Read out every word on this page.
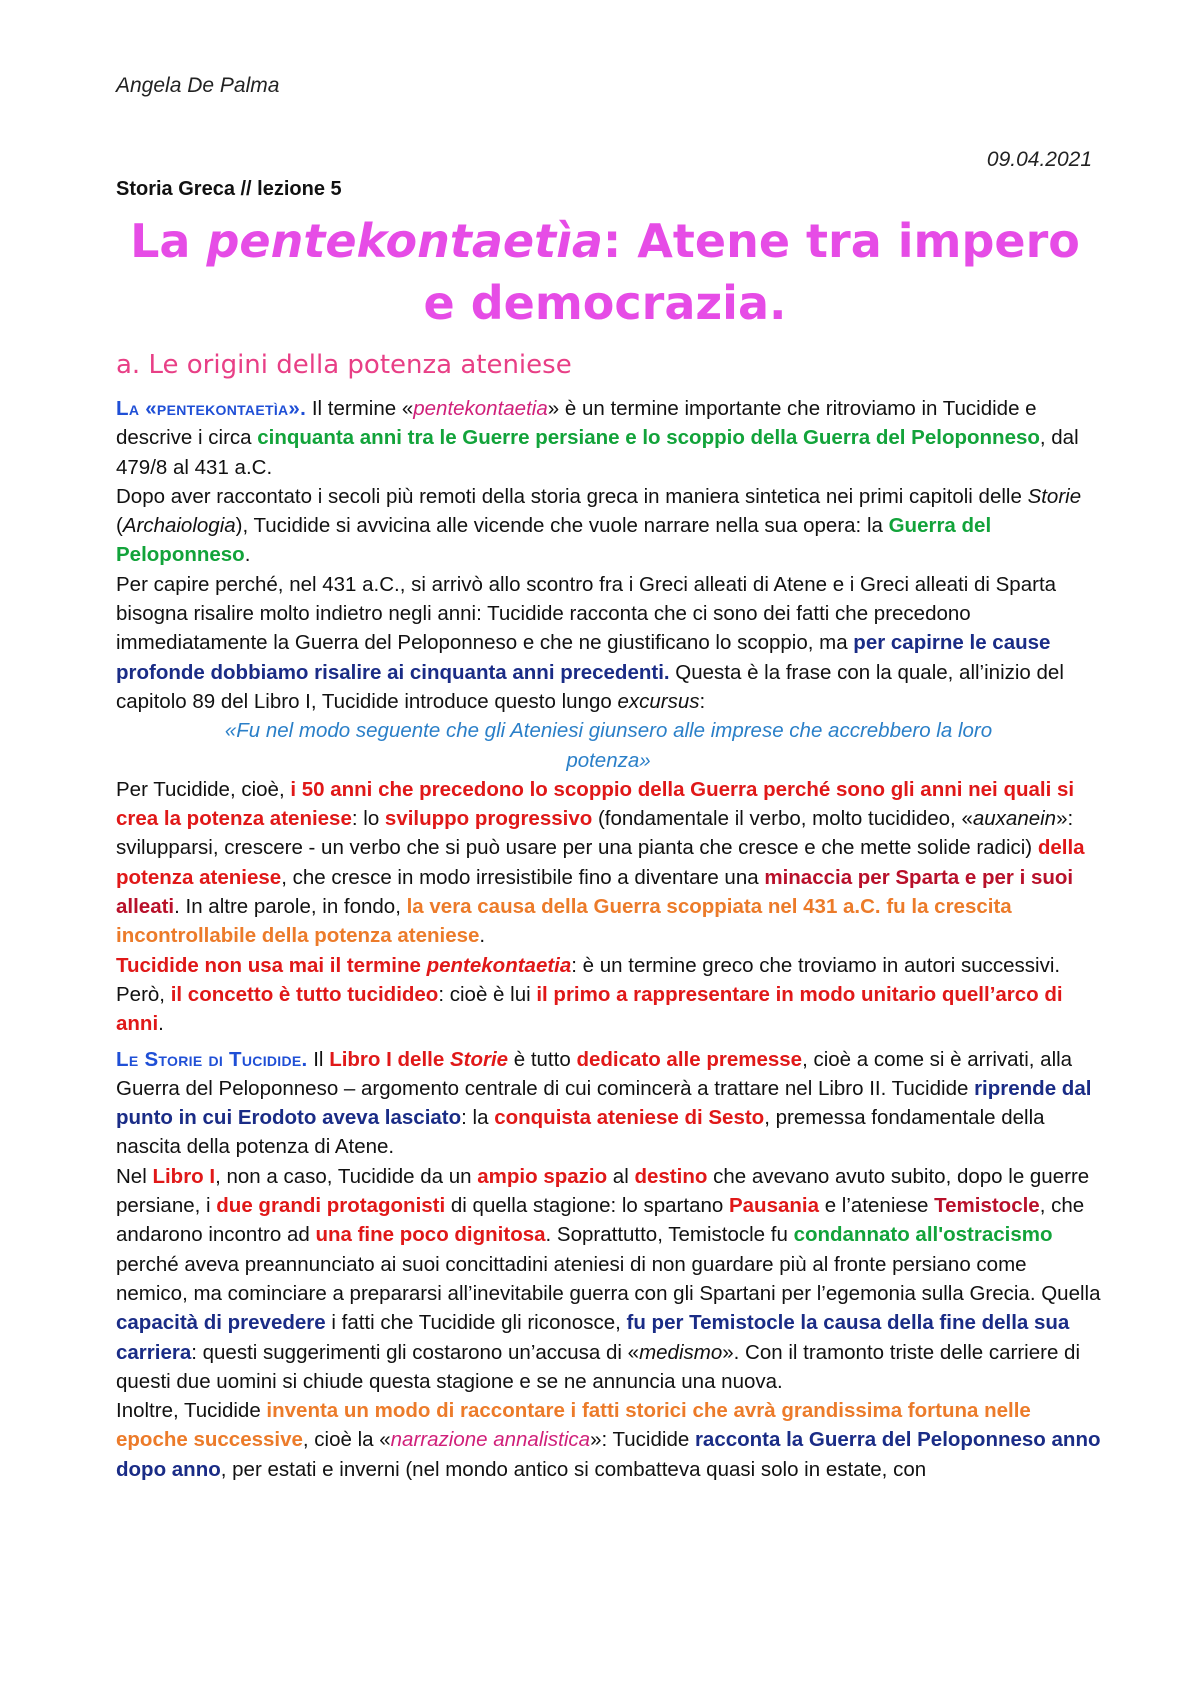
Angela De Palma
09.04.2021
Storia Greca // lezione 5
La pentekontaetìa: Atene tra impero e democrazia.
a. Le origini della potenza ateniese

La «pentekontaetìa». Il termine «pentekontaetia» è un termine importante che ritroviamo in Tucidide e descrive i circa cinquanta anni tra le Guerre persiane e lo scoppio della Guerra del Peloponneso, dal 479/8 al 431 a.C.

Dopo aver raccontato i secoli più remoti della storia greca in maniera sintetica nei primi capitoli delle Storie (Archaiologia), Tucidide si avvicina alle vicende che vuole narrare nella sua opera: la Guerra del Peloponneso.

Per capire perché, nel 431 a.C., si arrivò allo scontro fra i Greci alleati di Atene e i Greci alleati di Sparta bisogna risalire molto indietro negli anni: Tucidide racconta che ci sono dei fatti che precedono immediatamente la Guerra del Peloponneso e che ne giustificano lo scoppio, ma per capirne le cause profonde dobbiamo risalire ai cinquanta anni precedenti. Questa è la frase con la quale, all’inizio del capitolo 89 del Libro I, Tucidide introduce questo lungo excursus:

«Fu nel modo seguente che gli Ateniesi giunsero alle imprese che accrebbero la loro potenza»

Per Tucidide, cioè, i 50 anni che precedono lo scoppio della Guerra perché sono gli anni nei quali si crea la potenza ateniese: lo sviluppo progressivo (fondamentale il verbo, molto tucidideo, «auxanein»: svilupparsi, crescere - un verbo che si può usare per una pianta che cresce e che mette solide radici) della potenza ateniese, che cresce in modo irresistibile fino a diventare una minaccia per Sparta e per i suoi alleati. In altre parole, in fondo, la vera causa della Guerra scoppiata nel 431 a.C. fu la crescita incontrollabile della potenza ateniese.

Tucidide non usa mai il termine pentekontaetia: è un termine greco che troviamo in autori successivi. Però, il concetto è tutto tucidideo: cioè è lui il primo a rappresentare in modo unitario quell’arco di anni.

Le Storie di Tucidide. Il Libro I delle Storie è tutto dedicato alle premesse, cioè a come si è arrivati, alla Guerra del Peloponneso – argomento centrale di cui comincerà a trattare nel Libro II. Tucidide riprende dal punto in cui Erodoto aveva lasciato: la conquista ateniese di Sesto, premessa fondamentale della nascita della potenza di Atene.

Nel Libro I, non a caso, Tucidide da un ampio spazio al destino che avevano avuto subito, dopo le guerre persiane, i due grandi protagonisti di quella stagione: lo spartano Pausania e l’ateniese Temistocle, che andarono incontro ad una fine poco dignitosa. Soprattutto, Temistocle fu condannato all'ostracismo perché aveva preannunciato ai suoi concittadini ateniesi di non guardare più al fronte persiano come nemico, ma cominciare a prepararsi all’inevitabile guerra con gli Spartani per l’egemonia sulla Grecia. Quella capacità di prevedere i fatti che Tucidide gli riconosce, fu per Temistocle la causa della fine della sua carriera: questi suggerimenti gli costarono un’accusa di «medismo». Con il tramonto triste delle carriere di questi due uomini si chiude questa stagione e se ne annuncia una nuova.

Inoltre, Tucidide inventa un modo di raccontare i fatti storici che avrà grandissima fortuna nelle epoche successive, cioè la «narrazione annalistica»: Tucidide racconta la Guerra del Peloponneso anno dopo anno, per estati e inverni (nel mondo antico si combatteva quasi solo in estate, con
